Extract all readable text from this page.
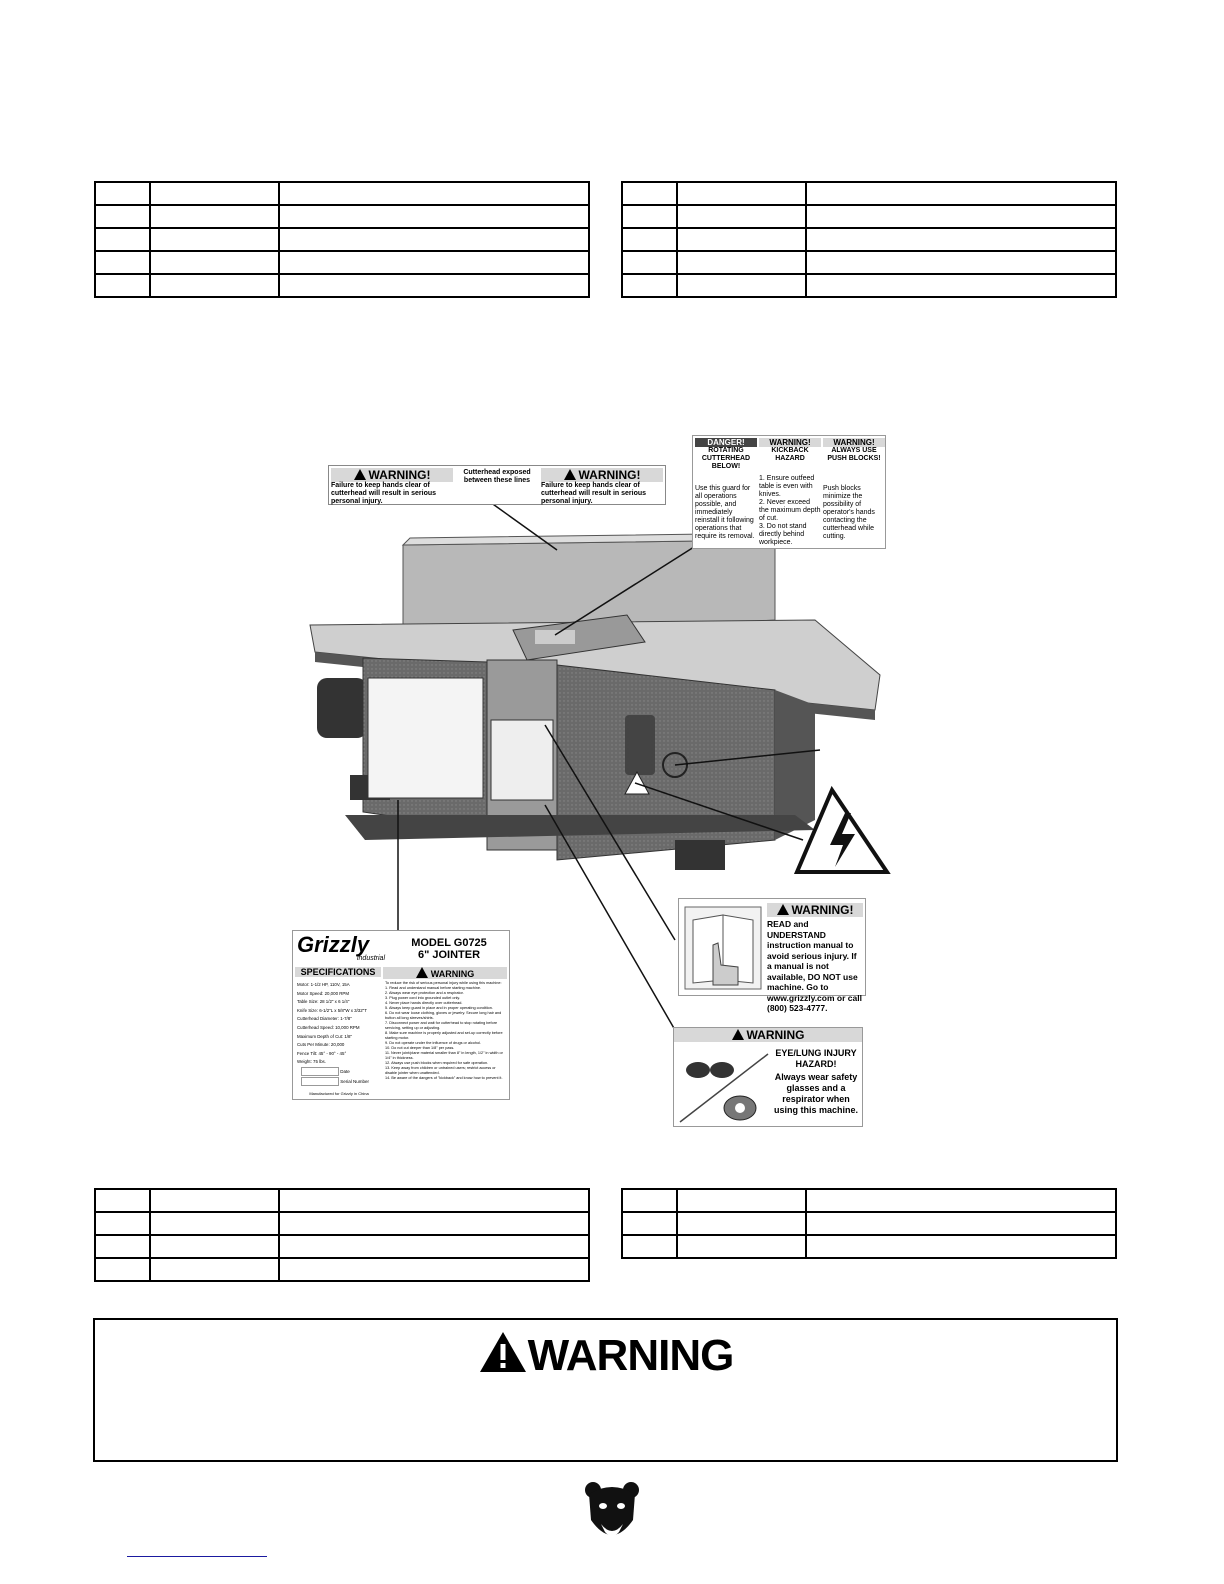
WARNING!
Failure to keep hands clear of cutterhead will result in serious personal injury.
Cutterhead exposed between these lines	WARNING!
Failure to keep hands clear of cutterhead will result in serious personal injury.
DANGER!
ROTATING CUTTERHEAD BELOW!
Use this guard for all operations possible, and immediately reinstall it following operations that require its removal.
WARNING!
KICKBACK HAZARD
1. Ensure outfeed table is even with knives.
2. Never exceed the maximum depth of cut.
3. Do not stand directly behind workpiece.
WARNING!
ALWAYS USE PUSH BLOCKS!
Push blocks minimize the possibility of operator's hands contacting the cutterhead while cutting.
WARNING!
READ and UNDERSTAND instruction manual to avoid serious injury. If a manual is not available, DO NOT use machine. Go to www.grizzly.com or call (800) 523-4777.
WARNING
EYE/LUNG INJURY HAZARD!
Always wear safety glasses and a respirator when using this machine.
Grizzly
industrial
MODEL G0725
6" JOINTER
SPECIFICATIONS	WARNING
Motor: 1-1/2 HP, 110V, 15A
Motor Speed: 20,000 RPM
Table Size: 28 1/2" x 6 1/4"
Knife Size: 6-1/2"L x 5/8"W x 3/32"T
Cutterhead Diameter: 1-7/8"
Cutterhead Speed: 10,000 RPM
Maximum Depth of Cut: 1/8"
Cuts Per Minute: 20,000
Fence Tilt: 45° - 90° - 45°
Weight: 75 lbs.
Date
Serial Number
Manufactured for Grizzly in China
To reduce the risk of serious personal injury while using this machine:
1. Read and understand manual before starting machine.
2. Always wear eye protection and a respirator.
3. Plug power cord into grounded outlet only.
4. Never place hands directly over cutterhead.
5. Always keep guard in place and in proper operating condition.
6. Do not wear loose clothing, gloves or jewelry. Secure long hair and button all long sleeves/shirts.
7. Disconnect power and wait for cutterhead to stop rotating before servicing, setting up or adjusting.
8. Make sure machine is properly adjusted and set-up correctly before starting motor.
9. Do not operate under the influence of drugs or alcohol.
10. Do not cut deeper than 1/8" per pass.
11. Never joint/plane material smaller than 8" in length, 1/2" in width or 1/4" in thickness.
12. Always use push blocks when required for safe operation.
13. Keep away from children or untrained users; restrict access or disable jointer when unattended.
14. Be aware of the dangers of "kickback" and know how to prevent it.

WARNING
